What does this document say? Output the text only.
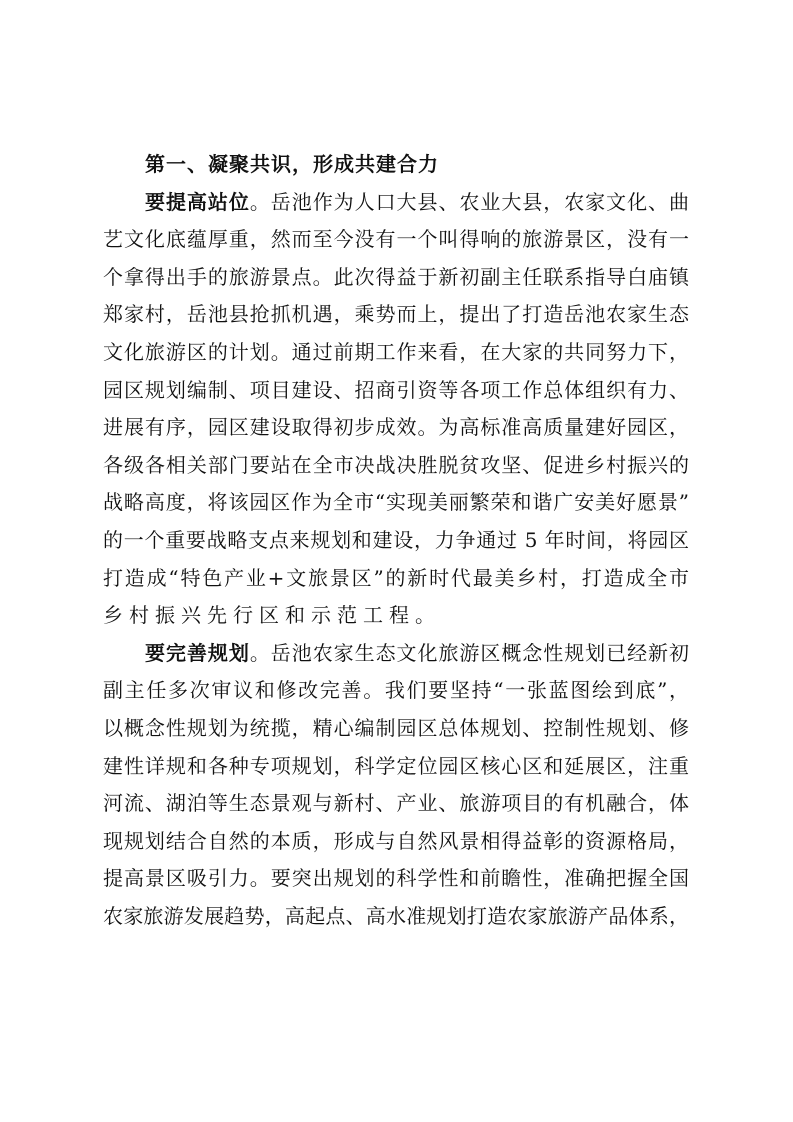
第一、凝聚共识，形成共建合力
要提高站位。岳池作为人口大县、农业大县，农家文化、曲
艺文化底蕴厚重，然而至今没有一个叫得响的旅游景区，没有一
个拿得出手的旅游景点。此次得益于新初副主任联系指导白庙镇
郑家村，岳池县抢抓机遇，乘势而上，提出了打造岳池农家生态
文化旅游区的计划。通过前期工作来看，在大家的共同努力下，
园区规划编制、项目建设、招商引资等各项工作总体组织有力、
进展有序，园区建设取得初步成效。为高标准高质量建好园区，
各级各相关部门要站在全市决战决胜脱贫攻坚、促进乡村振兴的
战略高度，将该园区作为全市“实现美丽繁荣和谐广安美好愿景”
的一个重要战略支点来规划和建设，力争通过 5 年时间，将园区
打造成“特色产业+文旅景区”的新时代最美乡村，打造成全市
乡村振兴先行区和示范工程。
要完善规划。岳池农家生态文化旅游区概念性规划已经新初
副主任多次审议和修改完善。我们要坚持“一张蓝图绘到底”，
以概念性规划为统揽，精心编制园区总体规划、控制性规划、修
建性详规和各种专项规划，科学定位园区核心区和延展区，注重
河流、湖泊等生态景观与新村、产业、旅游项目的有机融合，体
现规划结合自然的本质，形成与自然风景相得益彰的资源格局，
提高景区吸引力。要突出规划的科学性和前瞻性，准确把握全国
农家旅游发展趋势，高起点、高水准规划打造农家旅游产品体系，
